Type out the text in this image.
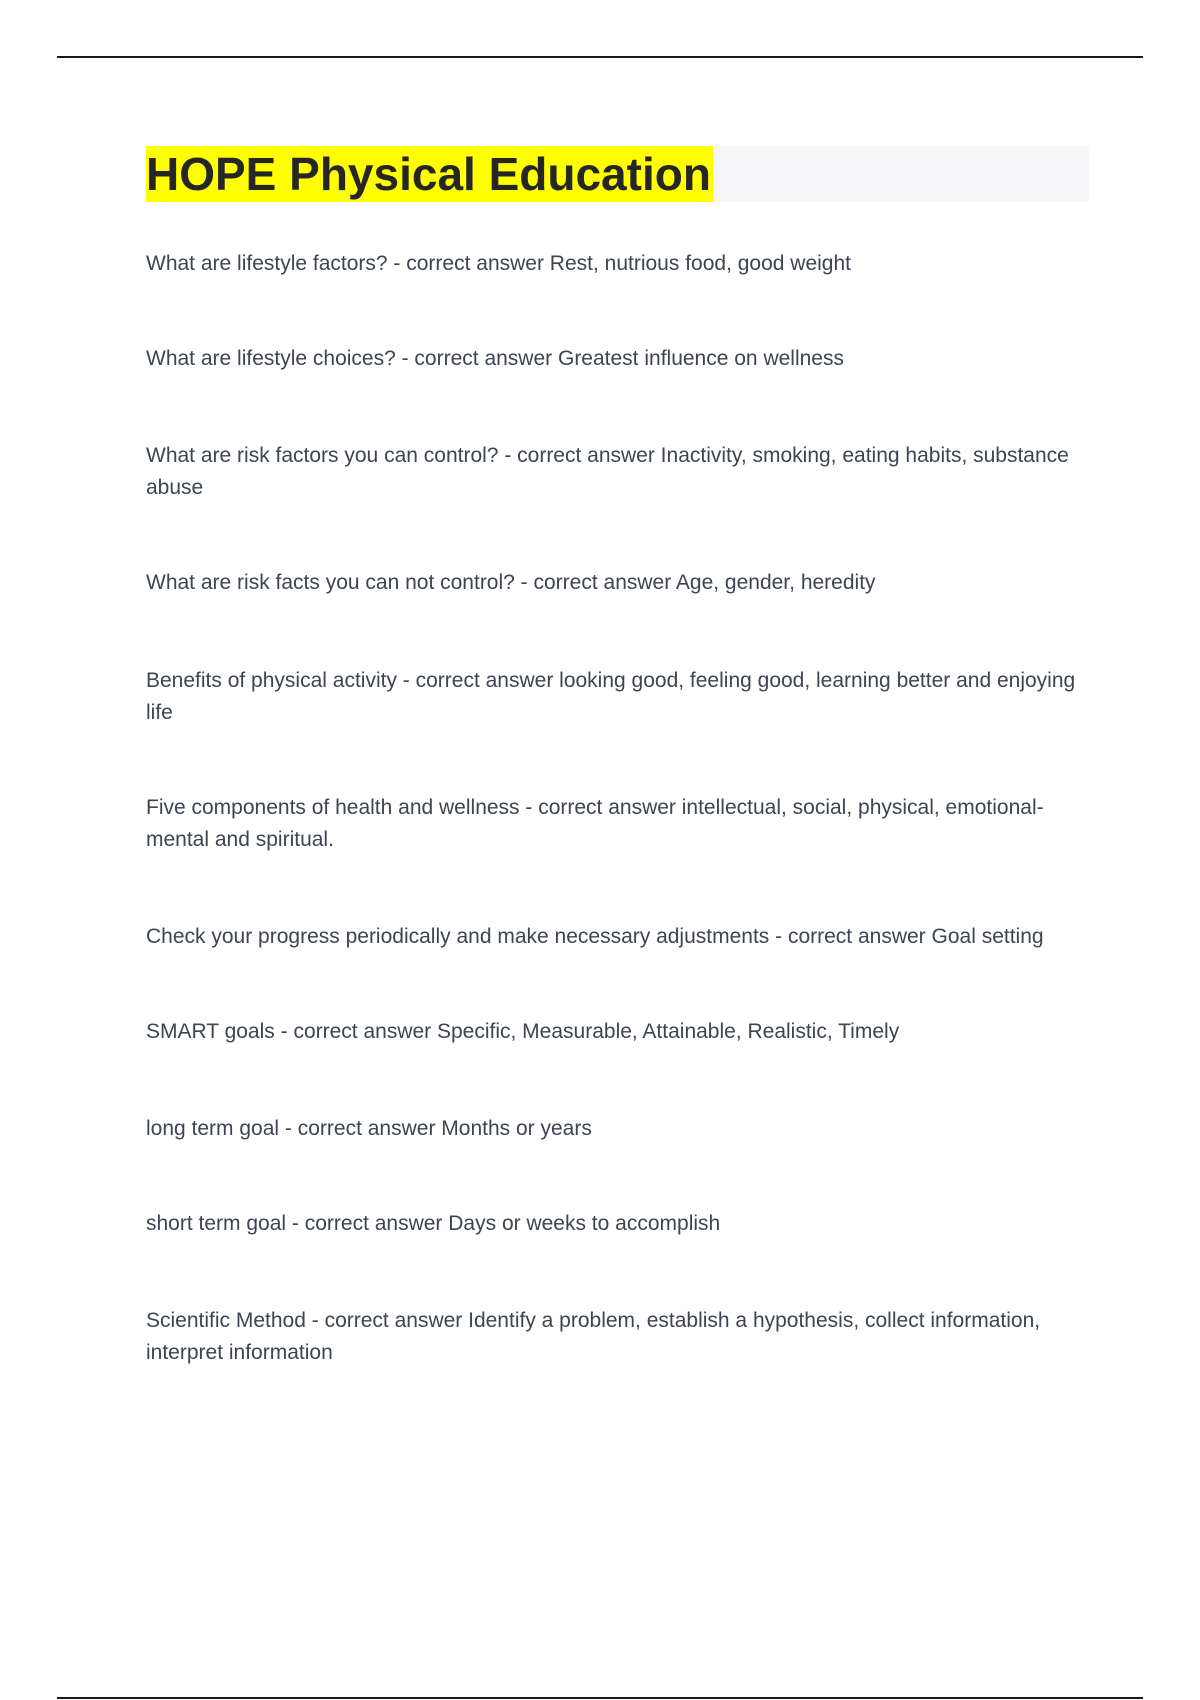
HOPE Physical Education

What are lifestyle factors? - correct answer Rest, nutrious food, good weight

What are lifestyle choices? - correct answer Greatest influence on wellness

What are risk factors you can control? - correct answer Inactivity, smoking, eating habits, substance abuse

What are risk facts you can not control? - correct answer Age, gender, heredity

Benefits of physical activity - correct answer looking good, feeling good, learning better and enjoying life

Five components of health and wellness - correct answer intellectual, social, physical, emotional-mental and spiritual.

Check your progress periodically and make necessary adjustments - correct answer Goal setting

SMART goals - correct answer Specific, Measurable, Attainable, Realistic, Timely

long term goal - correct answer Months or years

short term goal - correct answer Days or weeks to accomplish

Scientific Method - correct answer Identify a problem, establish a hypothesis, collect information, interpret information
